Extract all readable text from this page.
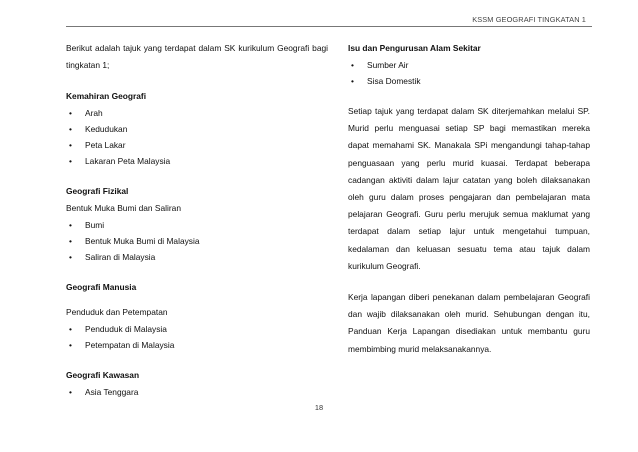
KSSM GEOGRAFI TINGKATAN 1

Berikut adalah tajuk yang terdapat dalam SK kurikulum Geografi bagi tingkatan 1;

Kemahiran Geografi

• Arah
• Kedudukan
• Peta Lakar
• Lakaran Peta Malaysia

Geografi Fizikal

Bentuk Muka Bumi dan Saliran

• Bumi
• Bentuk Muka Bumi di Malaysia
• Saliran di Malaysia

Geografi Manusia

Penduduk dan Petempatan

• Penduduk di Malaysia
• Petempatan di Malaysia

Geografi Kawasan

• Asia Tenggara

Isu dan Pengurusan Alam Sekitar

• Sumber Air
• Sisa Domestik

Setiap tajuk yang terdapat dalam SK diterjemahkan melalui SP. Murid perlu menguasai setiap SP bagi memastikan mereka dapat memahami SK. Manakala SPi mengandungi tahap-tahap penguasaan yang perlu murid kuasai. Terdapat beberapa cadangan aktiviti dalam lajur catatan yang boleh dilaksanakan oleh guru dalam proses pengajaran dan pembelajaran mata pelajaran Geografi. Guru perlu merujuk semua maklumat yang terdapat dalam setiap lajur untuk mengetahui tumpuan, kedalaman dan keluasan sesuatu tema atau tajuk dalam kurikulum Geografi.

Kerja lapangan diberi penekanan dalam pembelajaran Geografi dan wajib dilaksanakan oleh murid. Sehubungan dengan itu, Panduan Kerja Lapangan disediakan untuk membantu guru membimbing murid melaksanakannya.

18
